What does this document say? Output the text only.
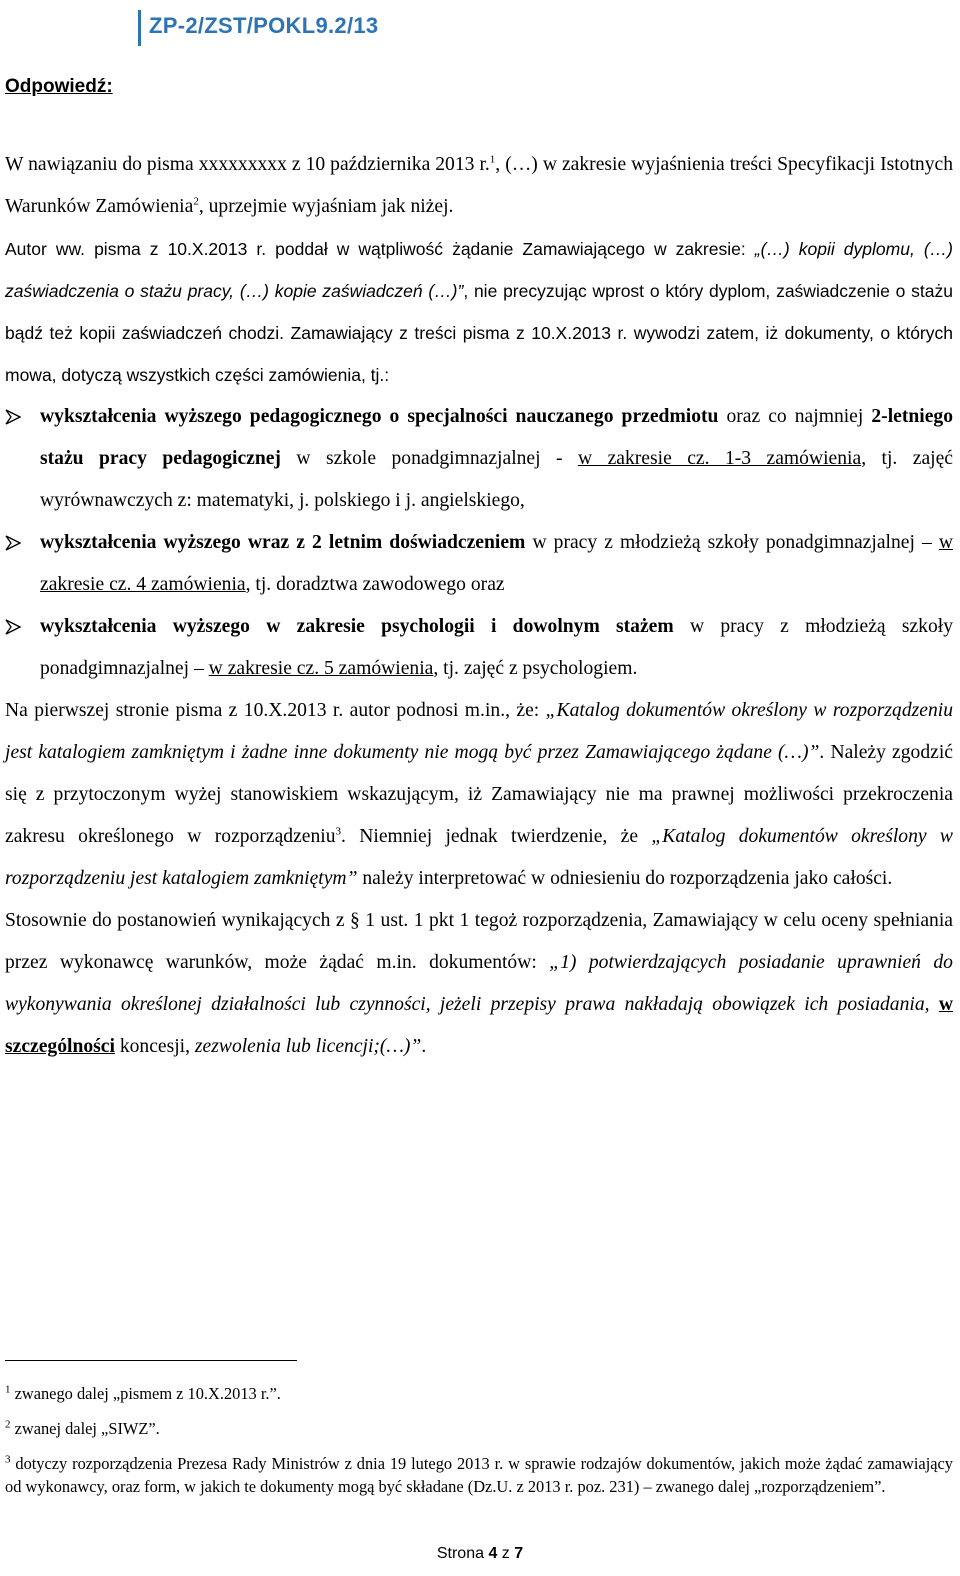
ZP-2/ZST/POKL9.2/13
Odpowiedź:

W nawiązaniu do pisma xxxxxxxxx z 10 października 2013 r.$^1$, (…) w zakresie wyjaśnienia treści Specyfikacji Istotnych Warunków Zamówienia$^2$, uprzejmie wyjaśniam jak niżej.

Autor ww. pisma z 10.X.2013 r. poddał w wątpliwość żądanie Zamawiającego w zakresie: „(…) kopii dyplomu, (…) zaświadczenia o stażu pracy, (…) kopie zaświadczeń (…)”, nie precyzując wprost o który dyplom, zaświadczenie o stażu bądź też kopii zaświadczeń chodzi. Zamawiający z treści pisma z 10.X.2013 r. wywodzi zatem, iż dokumenty, o których mowa, dotyczą wszystkich części zamówienia, tj.:

wykształcenia wyższego pedagogicznego o specjalności nauczanego przedmiotu oraz co najmniej 2-letniego stażu pracy pedagogicznej w szkole ponadgimnazjalnej - w zakresie cz. 1-3 zamówienia, tj. zajęć wyrównawczych z: matematyki, j. polskiego i j. angielskiego,
wykształcenia wyższego wraz z 2 letnim doświadczeniem w pracy z młodzieżą szkoły ponadgimnazjalnej – w zakresie cz. 4 zamówienia, tj. doradztwa zawodowego oraz
wykształcenia wyższego w zakresie psychologii i dowolnym stażem w pracy z młodzieżą szkoły ponadgimnazjalnej – w zakresie cz. 5 zamówienia, tj. zajęć z psychologiem.

Na pierwszej stronie pisma z 10.X.2013 r. autor podnosi m.in., że: „Katalog dokumentów określony w rozporządzeniu jest katalogiem zamkniętym i żadne inne dokumenty nie mogą być przez Zamawiającego żądane (…)”. Należy zgodzić się z przytoczonym wyżej stanowiskiem wskazującym, iż Zamawiający nie ma prawnej możliwości przekroczenia zakresu określonego w rozporządzeniu$^3$. Niemniej jednak twierdzenie, że „Katalog dokumentów określony w rozporządzeniu jest katalogiem zamkniętym” należy interpretować w odniesieniu do rozporządzenia jako całości.

Stosownie do postanowień wynikających z § 1 ust. 1 pkt 1 tegoż rozporządzenia, Zamawiający w celu oceny spełniania przez wykonawcę warunków, może żądać m.in. dokumentów: „1) potwierdzających posiadanie uprawnień do wykonywania określonej działalności lub czynności, jeżeli przepisy prawa nakładają obowiązek ich posiadania, w szczególności koncesji, zezwolenia lub licencji;(…)”.

$^1$ zwanego dalej „pismem z 10.X.2013 r.”.

$^2$ zwanej dalej „SIWZ”.

$^3$ dotyczy rozporządzenia Prezesa Rady Ministrów z dnia 19 lutego 2013 r. w sprawie rodzajów dokumentów, jakich może żądać zamawiający od wykonawcy, oraz form, w jakich te dokumenty mogą być składane (Dz.U. z 2013 r. poz. 231) – zwanego dalej „rozporządzeniem”.

Strona 4 z 7
